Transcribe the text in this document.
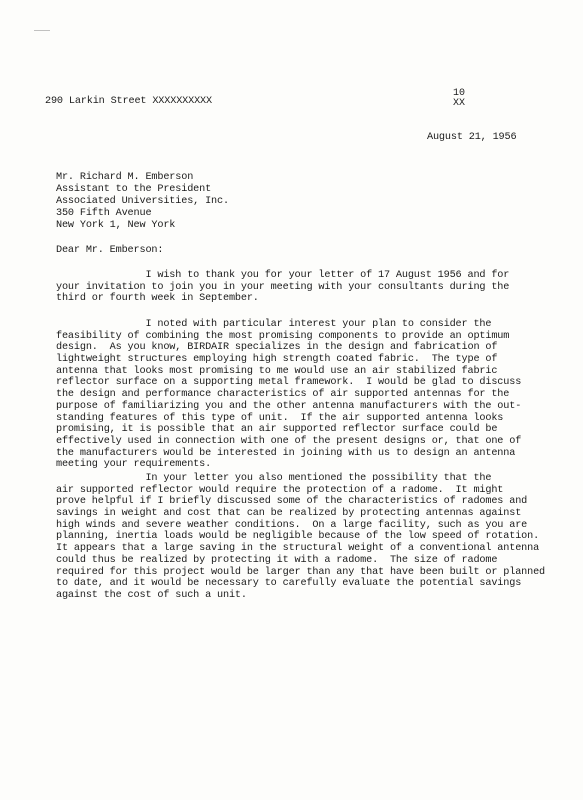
290 Larkin Street XXXXXXXXXX
10
XX
August 21, 1956
Mr. Richard M. Emberson
Assistant to the President
Associated Universities, Inc.
350 Fifth Avenue
New York 1, New York
Dear Mr. Emberson:
I wish to thank you for your letter of 17 August 1956 and for
your invitation to join you in your meeting with your consultants during the
third or fourth week in September.
I noted with particular interest your plan to consider the
feasibility of combining the most promising components to provide an optimum
design.  As you know, BIRDAIR specializes in the design and fabrication of
lightweight structures employing high strength coated fabric.  The type of
antenna that looks most promising to me would use an air stabilized fabric
reflector surface on a supporting metal framework.  I would be glad to discuss
the design and performance characteristics of air supported antennas for the
purpose of familiarizing you and the other antenna manufacturers with the out-
standing features of this type of unit.  If the air supported antenna looks
promising, it is possible that an air supported reflector surface could be
effectively used in connection with one of the present designs or, that one of
the manufacturers would be interested in joining with us to design an antenna
meeting your requirements.
In your letter you also mentioned the possibility that the
air supported reflector would require the protection of a radome.  It might
prove helpful if I briefly discussed some of the characteristics of radomes and
savings in weight and cost that can be realized by protecting antennas against
high winds and severe weather conditions.  On a large facility, such as you are
planning, inertia loads would be negligible because of the low speed of rotation.
It appears that a large saving in the structural weight of a conventional antenna
could thus be realized by protecting it with a radome.  The size of radome
required for this project would be larger than any that have been built or planned
to date, and it would be necessary to carefully evaluate the potential savings
against the cost of such a unit.
